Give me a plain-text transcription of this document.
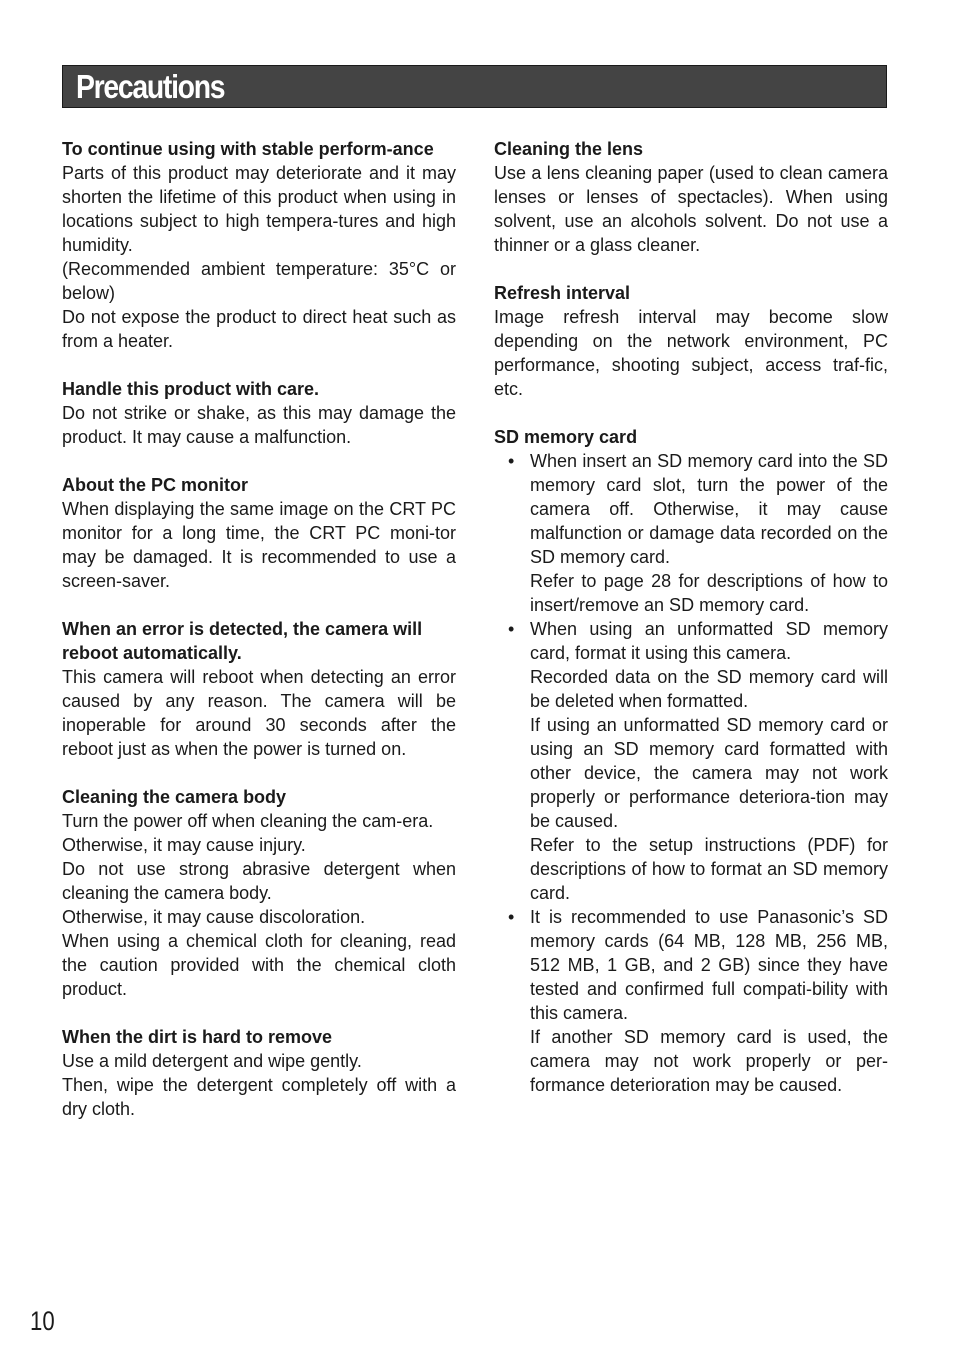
Precautions
To continue using with stable perform-ance
Parts of this product may deteriorate and it may shorten the lifetime of this product when using in locations subject to high tempera-tures and high humidity.
(Recommended ambient temperature: 35°C or below)
Do not expose the product to direct heat such as from a heater.
Handle this product with care.
Do not strike or shake, as this may damage the product. It may cause a malfunction.
About the PC monitor
When displaying the same image on the CRT PC monitor for a long time, the CRT PC moni-tor may be damaged. It is recommended to use a screen-saver.
When an error is detected, the camera will reboot automatically.
This camera will reboot when detecting an error caused by any reason. The camera will be inoperable for around 30 seconds after the reboot just as when the power is turned on.
Cleaning the camera body
Turn the power off when cleaning the cam-era.
Otherwise, it may cause injury.
Do not use strong abrasive detergent when cleaning the camera body.
Otherwise, it may cause discoloration.
When using a chemical cloth for cleaning, read the caution provided with the chemical cloth product.
When the dirt is hard to remove
Use a mild detergent and wipe gently.
Then, wipe the detergent completely off with a dry cloth.
Cleaning the lens
Use a lens cleaning paper (used to clean camera lenses or lenses of spectacles). When using solvent, use an alcohols solvent. Do not use a thinner or a glass cleaner.
Refresh interval
Image refresh interval may become slow depending on the network environment, PC performance, shooting subject, access traf-fic, etc.
SD memory card
• When insert an SD memory card into the SD memory card slot, turn the power of the camera off. Otherwise, it may cause malfunction or damage data recorded on the SD memory card.
Refer to page 28 for descriptions of how to insert/remove an SD memory card.
• When using an unformatted SD memory card, format it using this camera.
Recorded data on the SD memory card will be deleted when formatted.
If using an unformatted SD memory card or using an SD memory card formatted with other device, the camera may not work properly or performance deteriora-tion may be caused.
Refer to the setup instructions (PDF) for descriptions of how to format an SD memory card.
• It is recommended to use Panasonic’s SD memory cards (64 MB, 128 MB, 256 MB, 512 MB, 1 GB, and 2 GB) since they have tested and confirmed full compati-bility with this camera.
If another SD memory card is used, the camera may not work properly or per-formance deterioration may be caused.
10
